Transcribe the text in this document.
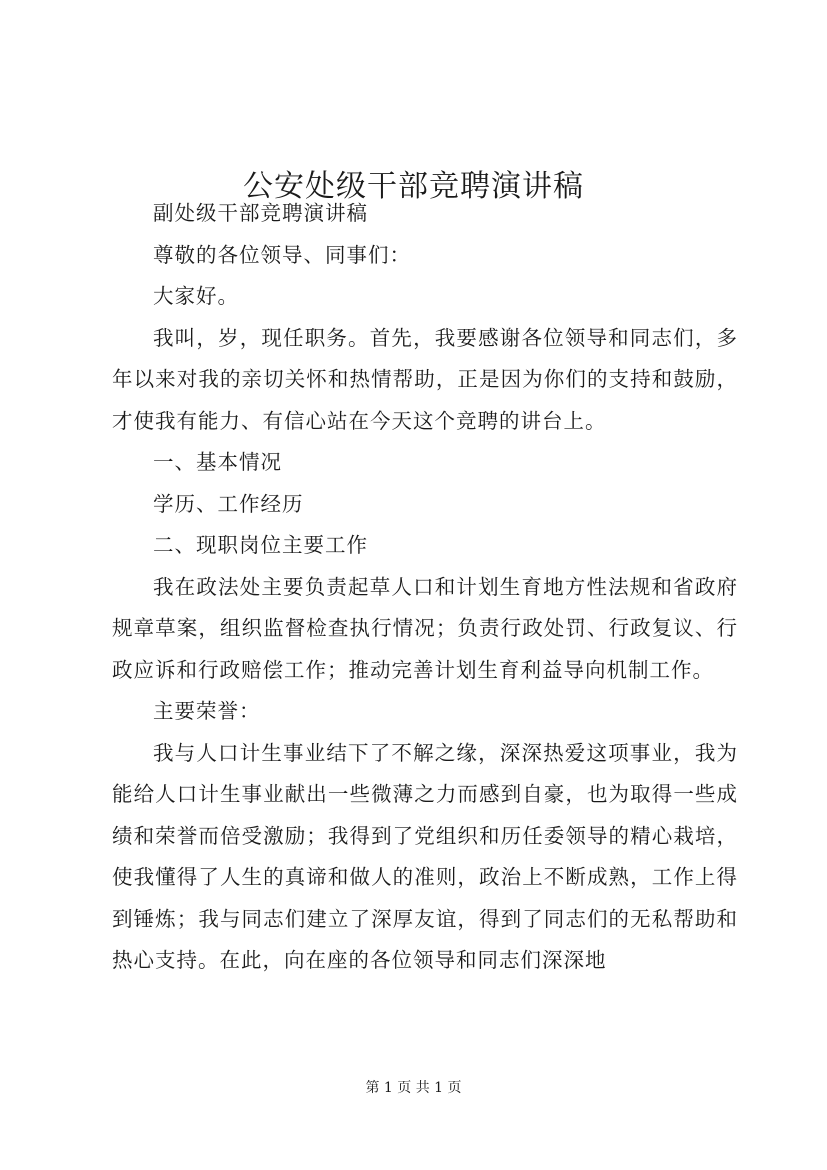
公安处级干部竞聘演讲稿

副处级干部竞聘演讲稿

尊敬的各位领导、同事们：

大家好。

我叫，岁，现任职务。首先，我要感谢各位领导和同志们，多年以来对我的亲切关怀和热情帮助，正是因为你们的支持和鼓励，才使我有能力、有信心站在今天这个竞聘的讲台上。

一、基本情况

学历、工作经历

二、现职岗位主要工作

我在政法处主要负责起草人口和计划生育地方性法规和省政府规章草案，组织监督检查执行情况；负责行政处罚、行政复议、行政应诉和行政赔偿工作；推动完善计划生育利益导向机制工作。

主要荣誉：

我与人口计生事业结下了不解之缘，深深热爱这项事业，我为能给人口计生事业献出一些微薄之力而感到自豪，也为取得一些成绩和荣誉而倍受激励；我得到了党组织和历任委领导的精心栽培，使我懂得了人生的真谛和做人的准则，政治上不断成熟，工作上得到锤炼；我与同志们建立了深厚友谊，得到了同志们的无私帮助和热心支持。在此，向在座的各位领导和同志们深深地

第 1 页 共 1 页
